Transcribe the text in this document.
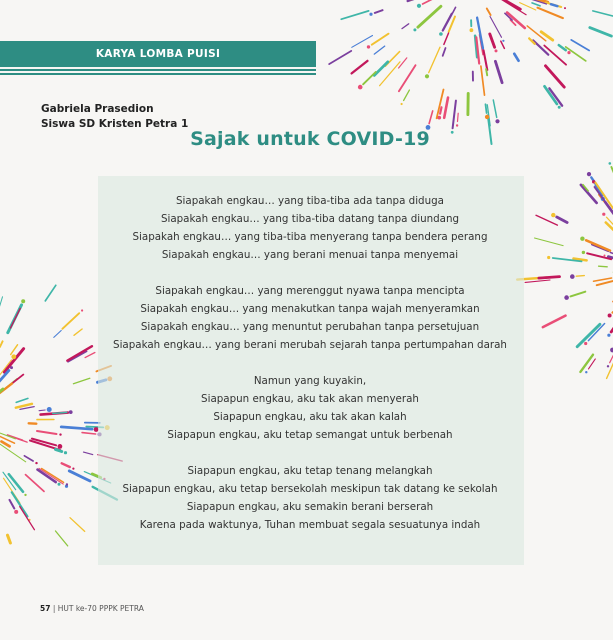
KARYA LOMBA PUISI
Gabriela Prasedion
Siswa SD Kristen Petra 1
Sajak untuk COVID-19
Siapakah engkau… yang tiba-tiba ada tanpa diduga
Siapakah engkau… yang tiba-tiba datang tanpa diundang
Siapakah engkau… yang tiba-tiba menyerang tanpa bendera perang
Siapakah engkau… yang berani menuai tanpa menyemai
Siapakah engkau… yang merenggut nyawa tanpa mencipta
Siapakah engkau… yang menakutkan tanpa wajah menyeramkan
Siapakah engkau… yang menuntut perubahan tanpa persetujuan
Siapakah engkau… yang berani merubah sejarah tanpa pertumpahan darah
Namun yang kuyakin,
Siapapun engkau, aku tak akan menyerah
Siapapun engkau, aku tak akan kalah
Siapapun engkau, aku tetap semangat untuk berbenah
Siapapun engkau, aku tetap tenang melangkah
Siapapun engkau, aku tetap bersekolah meskipun tak datang ke sekolah
Siapapun engkau, aku semakin berani berserah
Karena pada waktunya, Tuhan membuat segala sesuatunya indah
57 | HUT ke-70 PPPK PETRA
